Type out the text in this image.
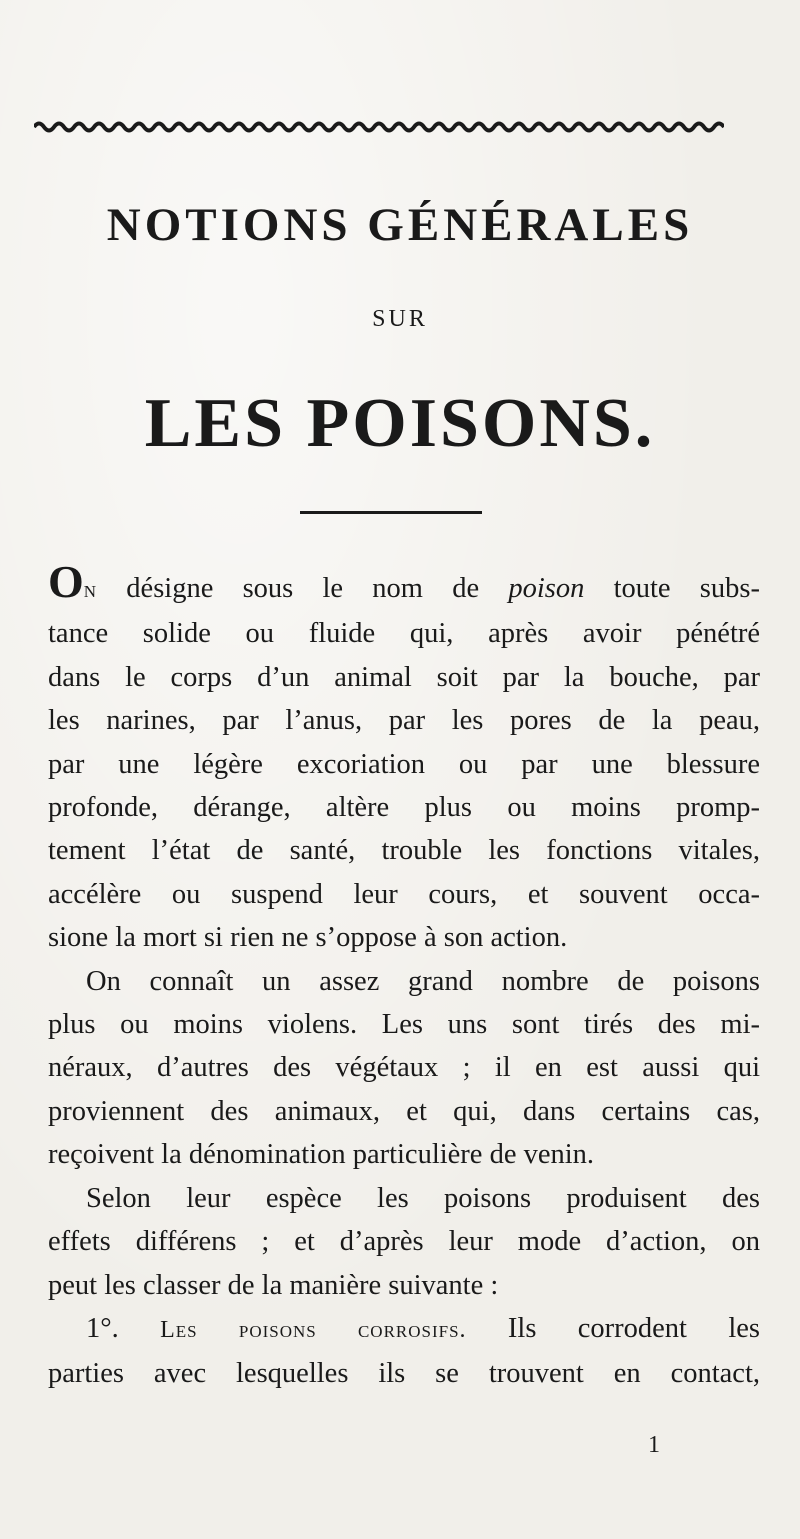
NOTIONS GÉNÉRALES
SUR
LES POISONS.
On désigne sous le nom de poison toute subs-
tance solide ou fluide qui, après avoir pénétré
dans le corps d’un animal soit par la bouche, par
les narines, par l’anus, par les pores de la peau,
par une légère excoriation ou par une blessure
profonde, dérange, altère plus ou moins promp-
tement l’état de santé, trouble les fonctions vitales,
accélère ou suspend leur cours, et souvent occa-
sione la mort si rien ne s’oppose à son action.
On connaît un assez grand nombre de poisons
plus ou moins violens. Les uns sont tirés des mi-
néraux, d’autres des végétaux ; il en est aussi qui
proviennent des animaux, et qui, dans certains cas,
reçoivent la dénomination particulière de venin.
Selon leur espèce les poisons produisent des
effets différens ; et d’après leur mode d’action, on
peut les classer de la manière suivante :
1°. Les poisons corrosifs. Ils corrodent les
parties avec lesquelles ils se trouvent en contact,
1
